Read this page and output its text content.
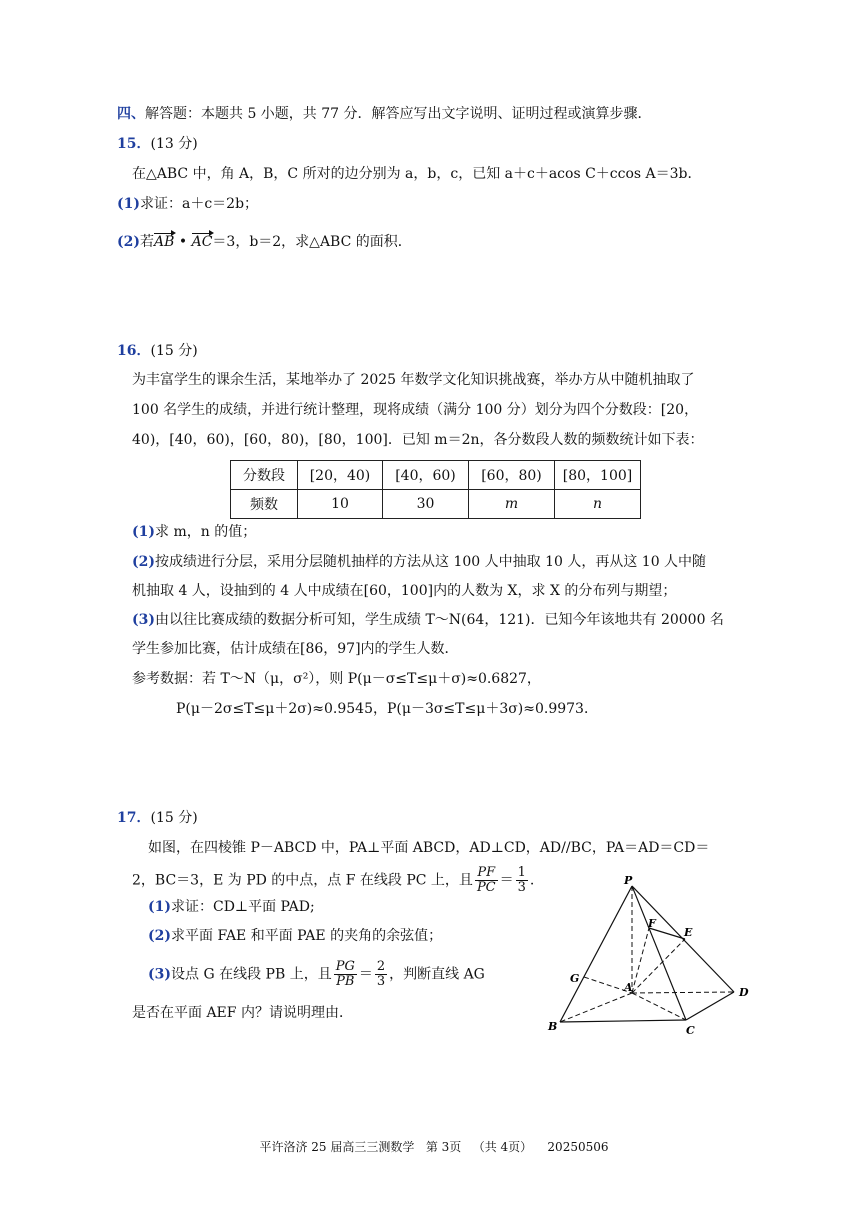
四、解答题：本题共 5 小题，共 77 分．解答应写出文字说明、证明过程或演算步骤．
15．(13 分)
在△ABC 中，角 A，B，C 所对的边分别为 a，b，c，已知 a＋c＋acos C＋ccos A＝3b．
(1)求证：a＋c＝2b；
(2)若AB • AC＝3，b＝2，求△ABC 的面积．
16．(15 分)
为丰富学生的课余生活，某地举办了 2025 年数学文化知识挑战赛，举办方从中随机抽取了
100 名学生的成绩，并进行统计整理，现将成绩（满分 100 分）划分为四个分数段：[20，
40)，[40，60)，[60，80)，[80，100]．已知 m＝2n，各分数段人数的频数统计如下表：
分数段	[20，40)	[40，60)	[60，80)	[80，100]
频数	10	30	m	n
(1)求 m，n 的值；
(2)按成绩进行分层，采用分层随机抽样的方法从这 100 人中抽取 10 人，再从这 10 人中随
机抽取 4 人，设抽到的 4 人中成绩在[60，100]内的人数为 X，求 X 的分布列与期望；
(3)由以往比赛成绩的数据分析可知，学生成绩 T～N(64，121)．已知今年该地共有 20000 名
学生参加比赛，估计成绩在[86，97]内的学生人数．
参考数据：若 T～N（μ，σ²），则 P(μ－σ≤T≤μ＋σ)≈0.6827，
P(μ－2σ≤T≤μ＋2σ)≈0.9545，P(μ－3σ≤T≤μ＋3σ)≈0.9973．
17．(15 分)
如图，在四棱锥 P－ABCD 中，PA⊥平面 ABCD，AD⊥CD，AD//BC，PA＝AD＝CD＝
2，BC＝3，E 为 PD 的中点，点 F 在线段 PC 上，且 $\frac{PF}{PC} = \frac{1}{3}$ .
(1)求证：CD⊥平面 PAD;
(2)求平面 FAE 和平面 PAE 的夹角的余弦值；
(3)设点 G 在线段 PB 上，且 $\frac{PG}{PB} = \frac{2}{3}$ ，判断直线 AG
是否在平面 AEF 内？请说明理由．
P
F
E
G
A	D
B	C
平许洛济 25 届高三三测数学   第 3页   （共 4页）    20250506
